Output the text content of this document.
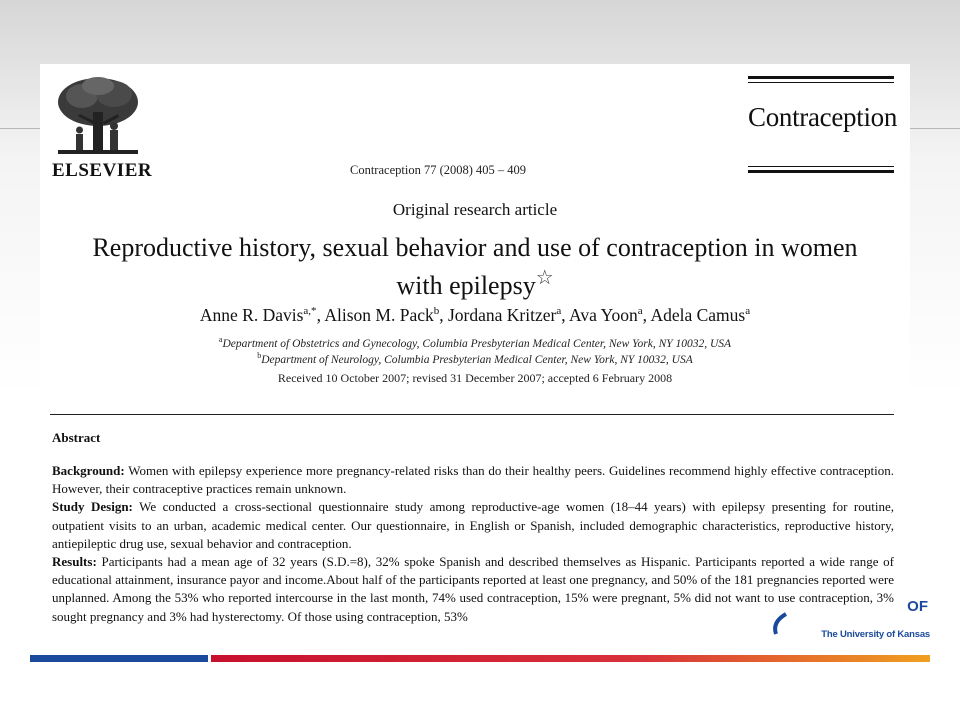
ELSEVIER	Contraception 77 (2008) 405 – 409
Contraception
Original research article
Reproductive history, sexual behavior and use of contraception in women
with epilepsy☆
Anne R. Davis$^{a,*}$, Alison M. Pack$^b$, Jordana Kritzer$^a$, Ava Yoon$^a$, Adela Camus$^a$
$^a$Department of Obstetrics and Gynecology, Columbia Presbyterian Medical Center, New York, NY 10032, USA
$^b$Department of Neurology, Columbia Presbyterian Medical Center, New York, NY 10032, USA
Received 10 October 2007; revised 31 December 2007; accepted 6 February 2008
Abstract

Background: Women with epilepsy experience more pregnancy-related risks than do their healthy peers. Guidelines recommend highly effective contraception. However, their contraceptive practices remain unknown.

Study Design: We conducted a cross-sectional questionnaire study among reproductive-age women (18–44 years) with epilepsy presenting for routine, outpatient visits to an urban, academic medical center. Our questionnaire, in English or Spanish, included demographic characteristics, reproductive history, antiepileptic drug use, sexual behavior and contraception.

Results: Participants had a mean age of 32 years (S.D.=8), 32% spoke Spanish and described themselves as Hispanic. Participants reported a wide range of educational attainment, insurance payor and income.About half of the participants reported at least one pregnancy, and 50% of the 181 pregnancies reported were unplanned. Among the 53% who reported intercourse in the last month, 74% used contraception, 15% were pregnant, 5% did not want to use contraception, 3% sought pregnancy and 3% had hysterectomy. Of those using contraception, 53%

OF
The University of Kansas
